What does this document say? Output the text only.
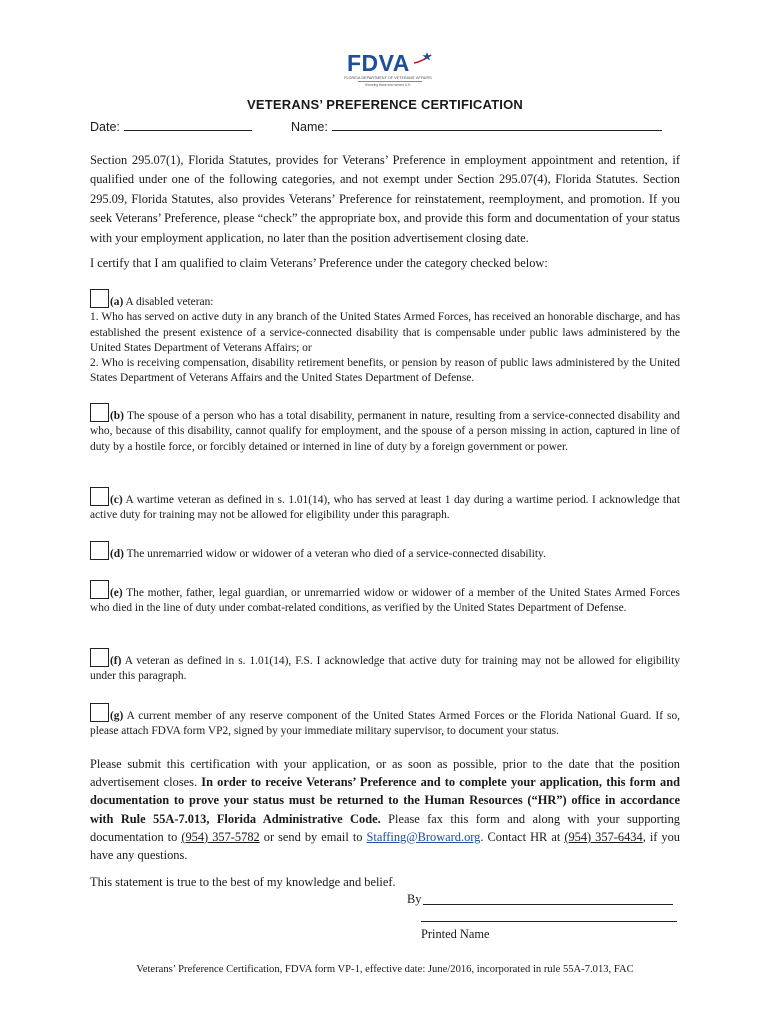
FDVA
FLORIDA DEPARTMENT OF VETERANS' AFFAIRS
Honoring those who served U.S.
VETERANS’ PREFERENCE CERTIFICATION
Date:	Name:

Section 295.07(1), Florida Statutes, provides for Veterans’ Preference in employment appointment and retention, if qualified under one of the following categories, and not exempt under Section 295.07(4), Florida Statutes. Section 295.09, Florida Statutes, also provides Veterans’ Preference for reinstatement, reemployment, and promotion. If you seek Veterans’ Preference, please “check” the appropriate box, and provide this form and documentation of your status with your employment application, no later than the position advertisement closing date.

I certify that I am qualified to claim Veterans’ Preference under the category checked below:

(a) A disabled veteran:
1. Who has served on active duty in any branch of the United States Armed Forces, has received an honorable discharge, and has established the present existence of a service-connected disability that is compensable under public laws administered by the United States Department of Veterans Affairs; or
2. Who is receiving compensation, disability retirement benefits, or pension by reason of public laws administered by the United States Department of Veterans Affairs and the United States Department of Defense.
(b) The spouse of a person who has a total disability, permanent in nature, resulting from a service-connected disability and who, because of this disability, cannot qualify for employment, and the spouse of a person missing in action, captured in line of duty by a hostile force, or forcibly detained or interned in line of duty by a foreign government or power.
(c) A wartime veteran as defined in s. 1.01(14), who has served at least 1 day during a wartime period. I acknowledge that active duty for training may not be allowed for eligibility under this paragraph.
(d) The unremarried widow or widower of a veteran who died of a service-connected disability.
(e) The mother, father, legal guardian, or unremarried widow or widower of a member of the United States Armed Forces who died in the line of duty under combat-related conditions, as verified by the United States Department of Defense.
(f) A veteran as defined in s. 1.01(14), F.S. I acknowledge that active duty for training may not be allowed for eligibility under this paragraph.
(g) A current member of any reserve component of the United States Armed Forces or the Florida National Guard. If so, please attach FDVA form VP2, signed by your immediate military supervisor, to document your status.

Please submit this certification with your application, or as soon as possible, prior to the date that the position advertisement closes. In order to receive Veterans’ Preference and to complete your application, this form and documentation to prove your status must be returned to the Human Resources (“HR”) office in accordance with Rule 55A-7.013, Florida Administrative Code. Please fax this form and along with your supporting documentation to (954) 357-5782 or send by email to Staffing@Broward.org. Contact HR at (954) 357-6434, if you have any questions.

This statement is true to the best of my knowledge and belief.
By
Printed Name
Veterans’ Preference Certification, FDVA form VP-1, effective date: June/2016, incorporated in rule 55A-7.013, FAC
